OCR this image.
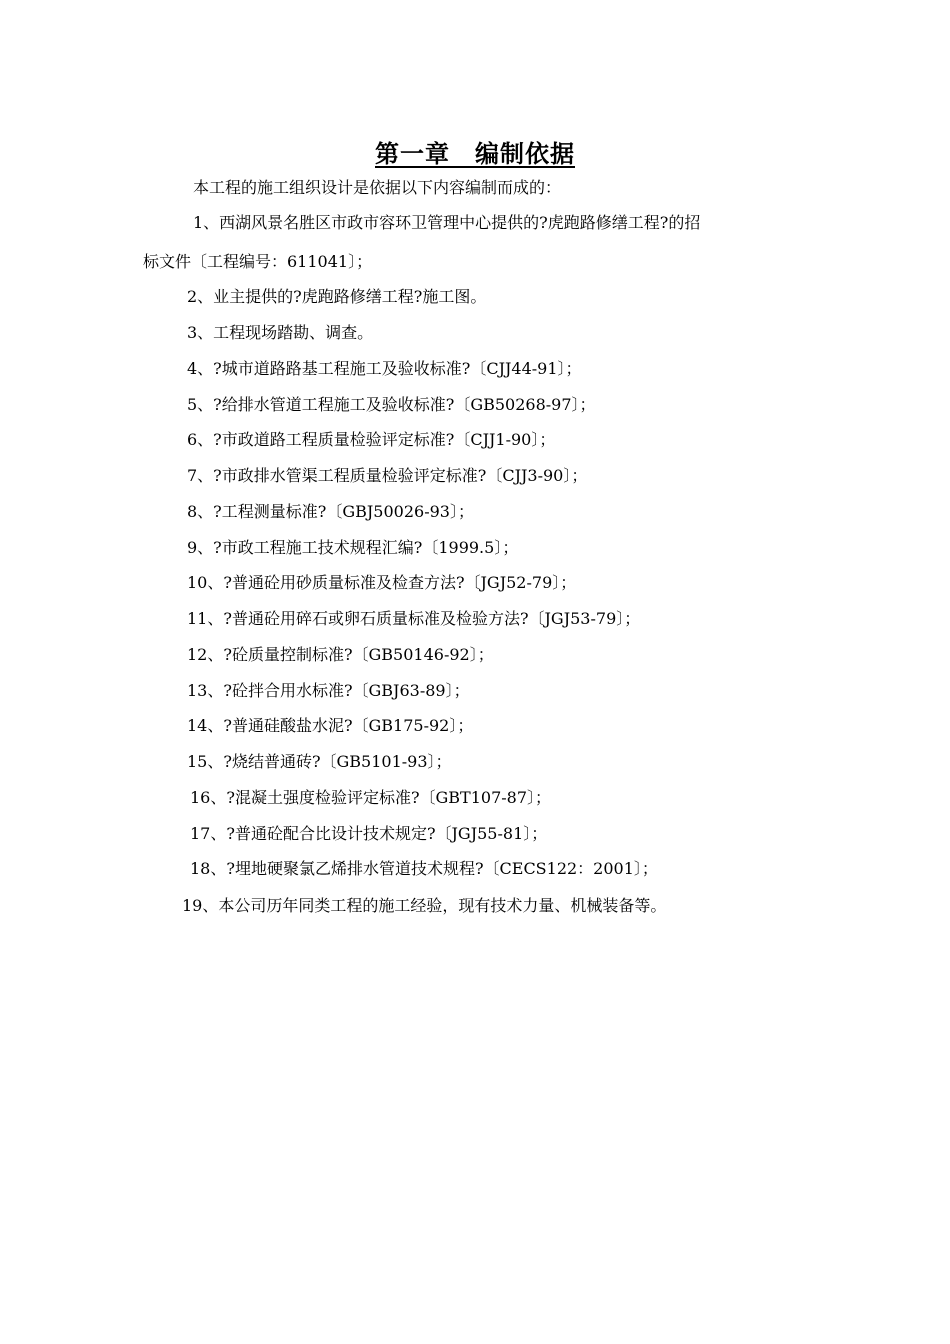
第一章　编制依据
本工程的施工组织设计是依据以下内容编制而成的：
1、西湖风景名胜区市政市容环卫管理中心提供的?虎跑路修缮工程?的招
标文件〔工程编号：611041〕；
2、业主提供的?虎跑路修缮工程?施工图。
3、工程现场踏勘、调查。
4、?城市道路路基工程施工及验收标准?〔CJJ44-91〕；
5、?给排水管道工程施工及验收标准?〔GB50268-97〕；
6、?市政道路工程质量检验评定标准?〔CJJ1-90〕；
7、?市政排水管渠工程质量检验评定标准?〔CJJ3-90〕；
8、?工程测量标准?〔GBJ50026-93〕；
9、?市政工程施工技术规程汇编?〔1999.5〕；
10、?普通砼用砂质量标准及检查方法?〔JGJ52-79〕；
11、?普通砼用碎石或卵石质量标准及检验方法?〔JGJ53-79〕；
12、?砼质量控制标准?〔GB50146-92〕；
13、?砼拌合用水标准?〔GBJ63-89〕；
14、?普通硅酸盐水泥?〔GB175-92〕；
15、?烧结普通砖?〔GB5101-93〕；
16、?混凝土强度检验评定标准?〔GBT107-87〕；
17、?普通砼配合比设计技术规定?〔JGJ55-81〕；
18、?埋地硬聚氯乙烯排水管道技术规程?〔CECS122：2001〕；
19、本公司历年同类工程的施工经验，现有技术力量、机械装备等。
